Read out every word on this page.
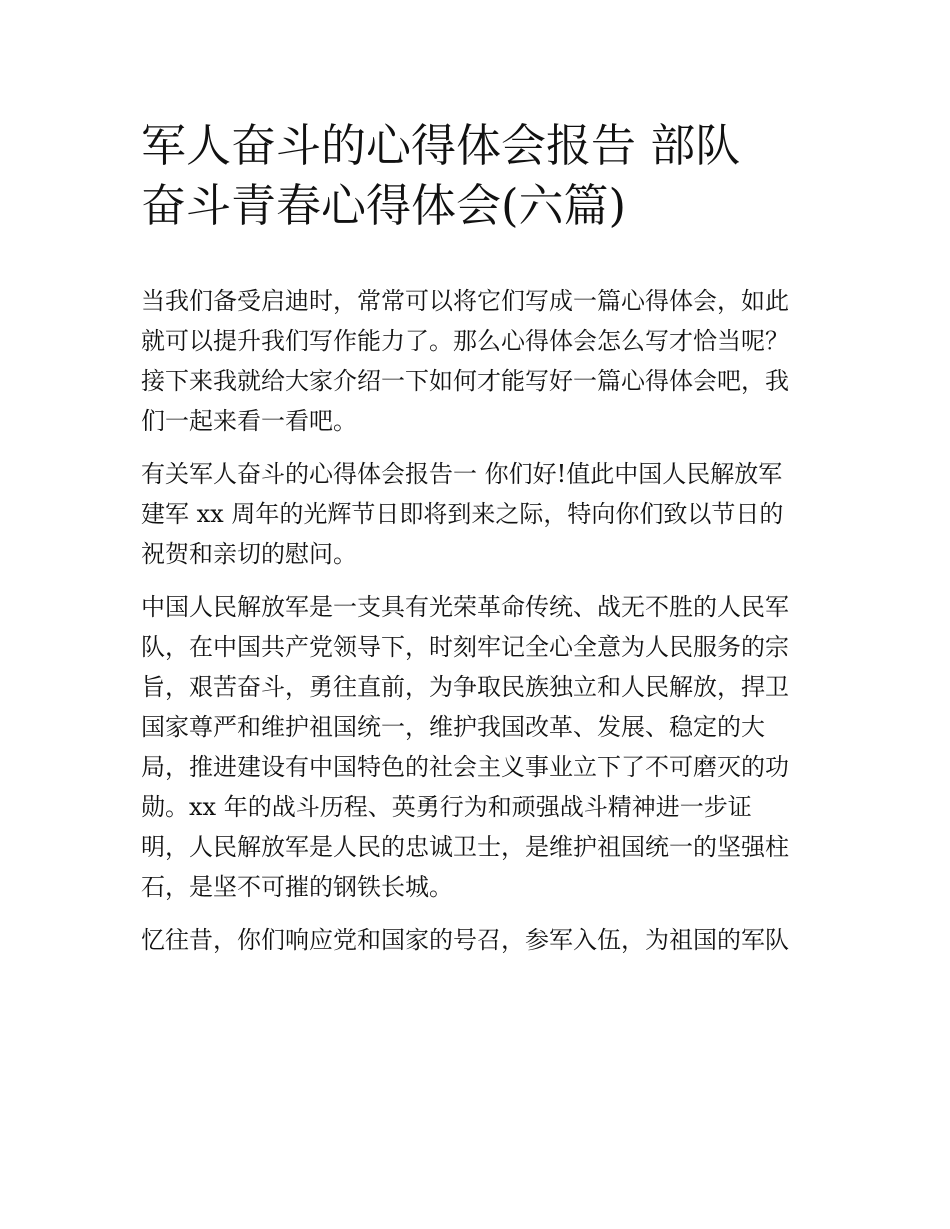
军人奋斗的心得体会报告 部队
奋斗青春心得体会(六篇)

当我们备受启迪时，常常可以将它们写成一篇心得体会，如此
就可以提升我们写作能力了。那么心得体会怎么写才恰当呢？
接下来我就给大家介绍一下如何才能写好一篇心得体会吧，我
们一起来看一看吧。

有关军人奋斗的心得体会报告一 你们好!值此中国人民解放军
建军 xx 周年的光辉节日即将到来之际，特向你们致以节日的
祝贺和亲切的慰问。

中国人民解放军是一支具有光荣革命传统、战无不胜的人民军
队，在中国共产党领导下，时刻牢记全心全意为人民服务的宗
旨，艰苦奋斗，勇往直前，为争取民族独立和人民解放，捍卫
国家尊严和维护祖国统一，维护我国改革、发展、稳定的大
局，推进建设有中国特色的社会主义事业立下了不可磨灭的功
勋。xx 年的战斗历程、英勇行为和顽强战斗精神进一步证
明，人民解放军是人民的忠诚卫士，是维护祖国统一的坚强柱
石，是坚不可摧的钢铁长城。

忆往昔，你们响应党和国家的号召，参军入伍，为祖国的军队
